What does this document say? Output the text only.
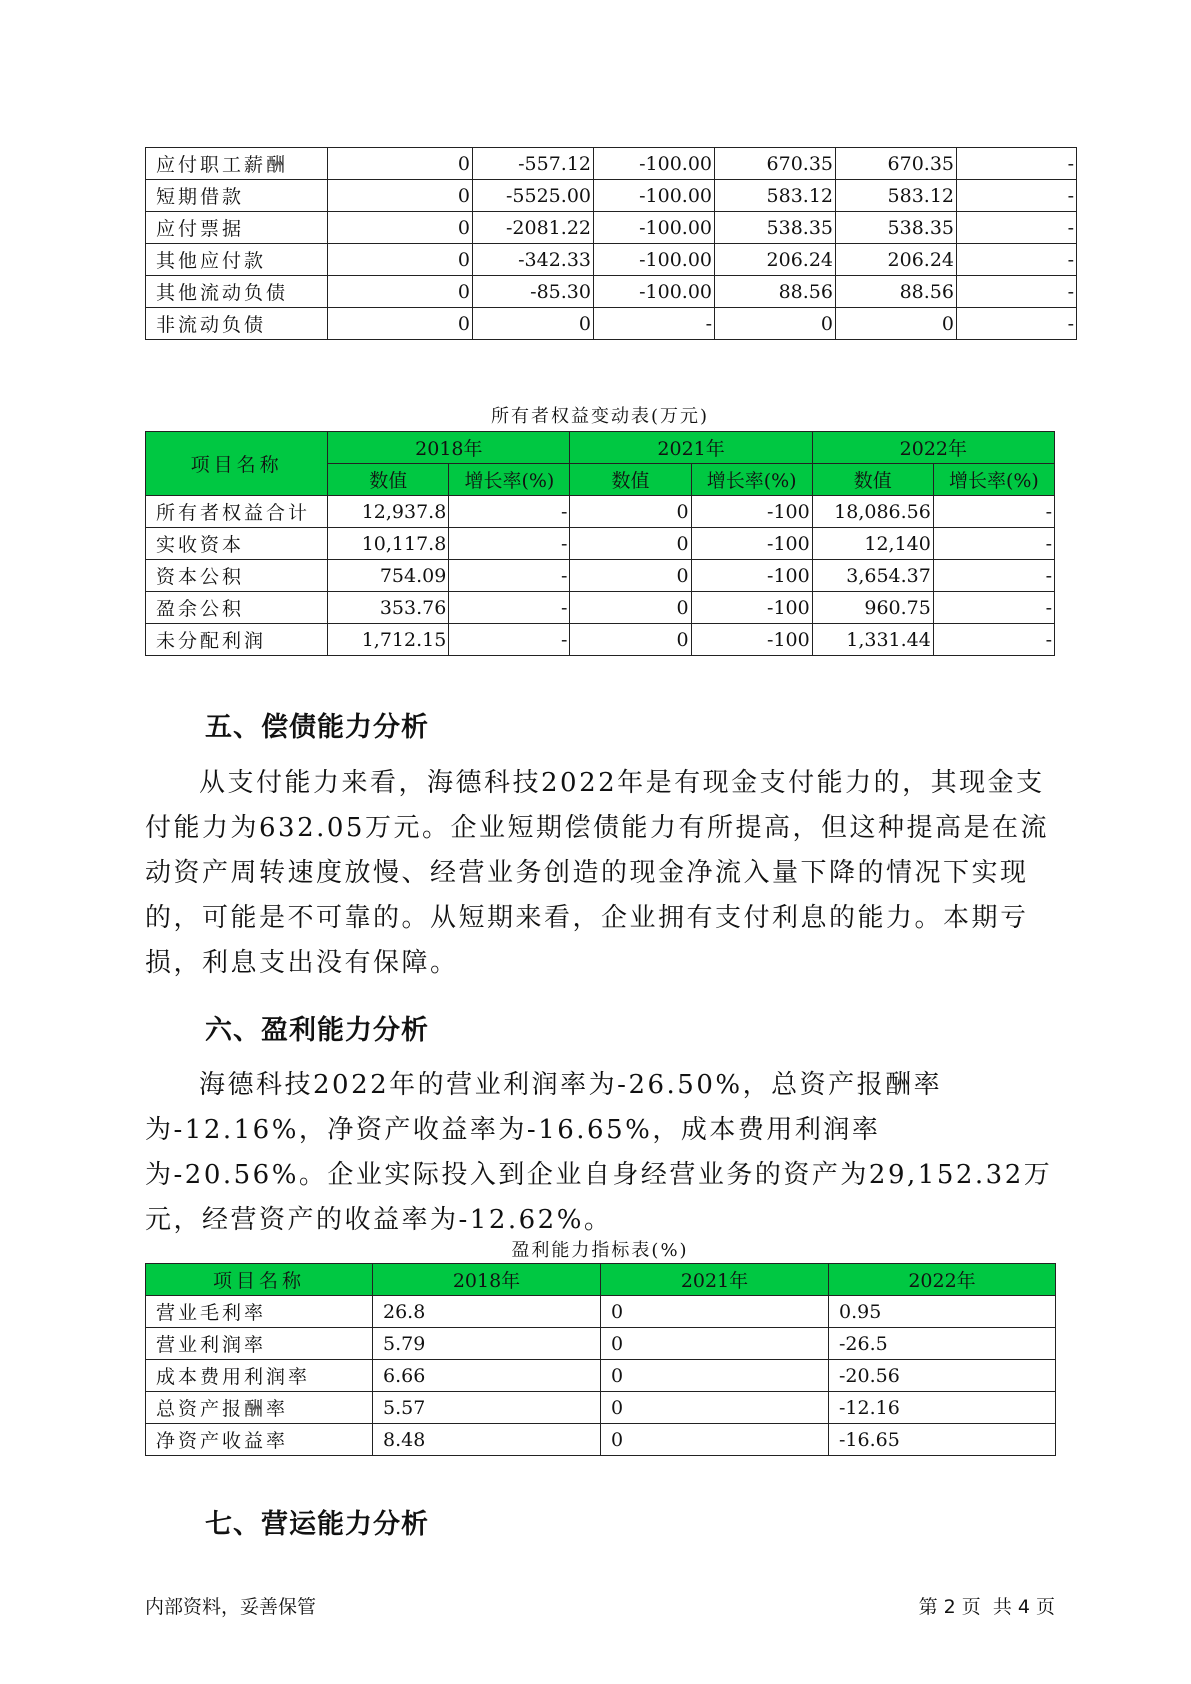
应付职工薪酬	0	-557.12	-100.00	670.35	670.35	-
短期借款	0	-5525.00	-100.00	583.12	583.12	-
应付票据	0	-2081.22	-100.00	538.35	538.35	-
其他应付款	0	-342.33	-100.00	206.24	206.24	-
其他流动负债	0	-85.30	-100.00	88.56	88.56	-
非流动负债	0	0	-	0	0	-
所有者权益变动表(万元)
项目名称	2018年		2021年		2022年	
	数值	增长率(%)	数值	增长率(%)	数值	增长率(%)
所有者权益合计	12,937.8	-	0	-100	18,086.56	-
实收资本	10,117.8	-	0	-100	12,140	-
资本公积	754.09	-	0	-100	3,654.37	-
盈余公积	353.76	-	0	-100	960.75	-
未分配利润	1,712.15	-	0	-100	1,331.44	-
五、偿债能力分析
从支付能力来看，海德科技2022年是有现金支付能力的，其现金支付能力为632.05万元。企业短期偿债能力有所提高，但这种提高是在流动资产周转速度放慢、经营业务创造的现金净流入量下降的情况下实现的，可能是不可靠的。从短期来看，企业拥有支付利息的能力。本期亏损，利息支出没有保障。
六、盈利能力分析
海德科技2022年的营业利润率为-26.50%，总资产报酬率为-12.16%，净资产收益率为-16.65%，成本费用利润率为-20.56%。企业实际投入到企业自身经营业务的资产为29,152.32万元，经营资产的收益率为-12.62%。
盈利能力指标表(%)
项目名称	2018年	2021年	2022年
营业毛利率	26.8	0	0.95
营业利润率	5.79	0	-26.5
成本费用利润率	6.66	0	-20.56
总资产报酬率	5.57	0	-12.16
净资产收益率	8.48	0	-16.65
七、营运能力分析
内部资料，妥善保管	第 2 页  共 4 页
